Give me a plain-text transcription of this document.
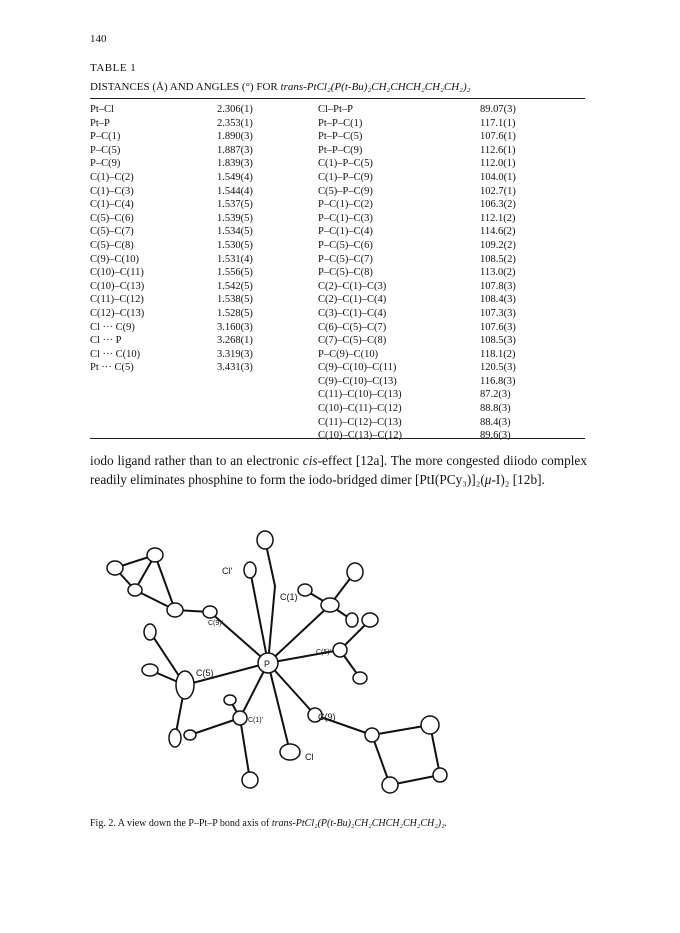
140
TABLE 1
DISTANCES (Å) AND ANGLES (°) FOR trans-PtCl₂(P(t-Bu)₂CH₂CHCH₂CH₂CH₂)₂
Pt–Cl
Pt–P
P–C(1)
P–C(5)
P–C(9)
C(1)–C(2)
C(1)–C(3)
C(1)–C(4)
C(5)–C(6)
C(5)–C(7)
C(5)–C(8)
C(9)–C(10)
C(10)–C(11)
C(10)–C(13)
C(11)–C(12)
C(12)–C(13)
Cl ··· C(9)
Cl ··· P
Cl ··· C(10)
Pt ··· C(5)
2.306(1)
2.353(1)
1.890(3)
1.887(3)
1.839(3)
1.549(4)
1.544(4)
1.537(5)
1.539(5)
1.534(5)
1.530(5)
1.531(4)
1.556(5)
1.542(5)
1.538(5)
1.528(5)
3.160(3)
3.268(1)
3.319(3)
3.431(3)
Cl–Pt–P
Pt–P–C(1)
Pt–P–C(5)
Pt–P–C(9)
C(1)–P–C(5)
C(1)–P–C(9)
C(5)–P–C(9)
P–C(1)–C(2)
P–C(1)–C(3)
P–C(1)–C(4)
P–C(5)–C(6)
P–C(5)–C(7)
P–C(5)–C(8)
C(2)–C(1)–C(3)
C(2)–C(1)–C(4)
C(3)–C(1)–C(4)
C(6)–C(5)–C(7)
C(7)–C(5)–C(8)
P–C(9)–C(10)
C(9)–C(10)–C(11)
C(9)–C(10)–C(13)
C(11)–C(10)–C(13)
C(10)–C(11)–C(12)
C(11)–C(12)–C(13)
C(10)–C(13)–C(12)
89.07(3)
117.1(1)
107.6(1)
112.6(1)
112.0(1)
104.0(1)
102.7(1)
106.3(2)
112.1(2)
114.6(2)
109.2(2)
108.5(2)
113.0(2)
107.8(3)
108.4(3)
107.3(3)
107.6(3)
108.5(3)
118.1(2)
120.5(3)
116.8(3)
87.2(3)
88.8(3)
88.4(3)
89.6(3)
iodo ligand rather than to an electronic cis-effect [12a]. The more congested diiodo complex readily eliminates phosphine to form the iodo-bridged dimer [PtI(PCy₃)]₂(μ-I)₂ [12b].
Cl'
C(1)
C(9)'
C(5)
P
C(5)'
C(1)'	C(9)
Cl
Fig. 2. A view down the P–Pt–P bond axis of trans-PtCl₂(P(t-Bu)₂CH₂CHCH₂CH₂CH₂)₂.
